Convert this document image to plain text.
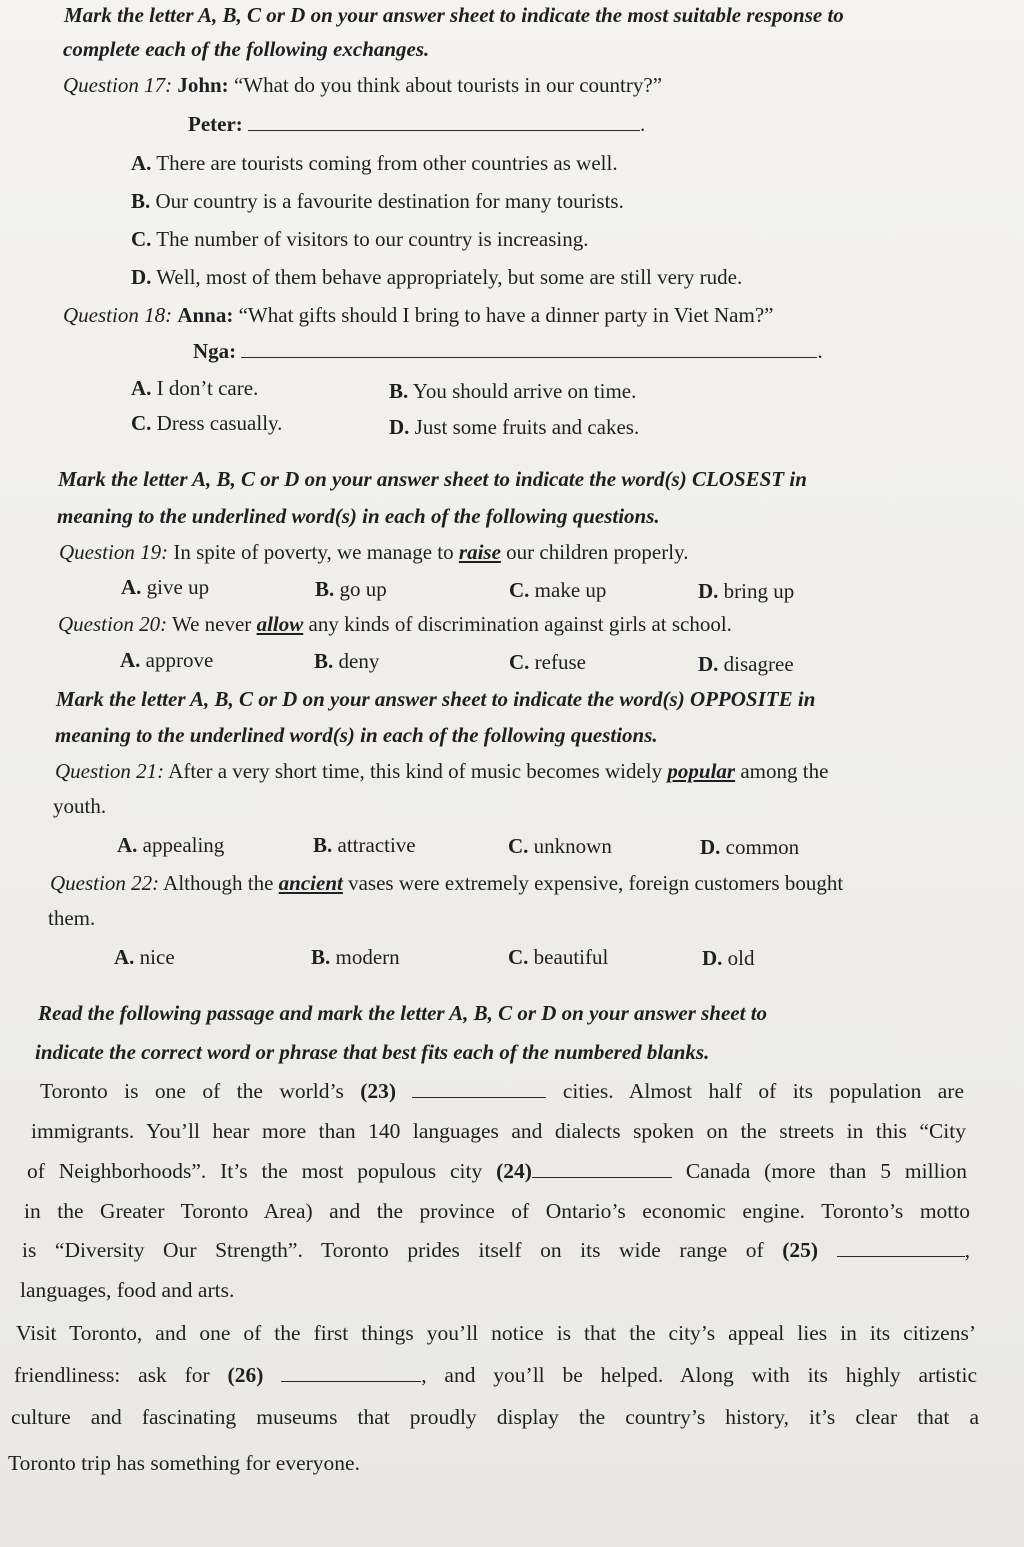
Mark the letter A, B, C or D on your answer sheet to indicate the most suitable response to
complete each of the following exchanges.
Question 17: John: “What do you think about tourists in our country?”
Peter:	.
A. There are tourists coming from other countries as well.
B. Our country is a favourite destination for many tourists.
C. The number of visitors to our country is increasing.
D. Well, most of them behave appropriately, but some are still very rude.
Question 18: Anna: “What gifts should I bring to have a dinner party in Viet Nam?”
Nga:	.
A. I don’t care.	B. You should arrive on time.
C. Dress casually.	D. Just some fruits and cakes.
Mark the letter A, B, C or D on your answer sheet to indicate the word(s) CLOSEST in
meaning to the underlined word(s) in each of the following questions.
Question 19: In spite of poverty, we manage to raise our children properly.
A. give up	B. go up	C. make up	D. bring up
Question 20: We never allow any kinds of discrimination against girls at school.
A. approve	B. deny	C. refuse	D. disagree
Mark the letter A, B, C or D on your answer sheet to indicate the word(s) OPPOSITE in
meaning to the underlined word(s) in each of the following questions.
Question 21: After a very short time, this kind of music becomes widely popular among the
youth.
A. appealing	B. attractive	C. unknown	D. common
Question 22: Although the ancient vases were extremely expensive, foreign customers bought
them.
A. nice	B. modern	C. beautiful	D. old
Read the following passage and mark the letter A, B, C or D on your answer sheet to
indicate the correct word or phrase that best fits each of the numbered blanks.
Toronto is one of the world’s (23)	cities. Almost half of its population are
immigrants. You’ll hear more than 140 languages and dialects spoken on the streets in this “City
of Neighborhoods”. It’s the most populous city (24)	Canada (more than 5 million
in the Greater Toronto Area) and the province of Ontario’s economic engine. Toronto’s motto
is “Diversity Our Strength”. Toronto prides itself on its wide range of (25)	,
languages, food and arts.
Visit Toronto, and one of the first things you’ll notice is that the city’s appeal lies in its citizens’
friendliness: ask for (26)	, and you’ll be helped. Along with its highly artistic
culture and fascinating museums that proudly display the country’s history, it’s clear that a
Toronto trip has something for everyone.
